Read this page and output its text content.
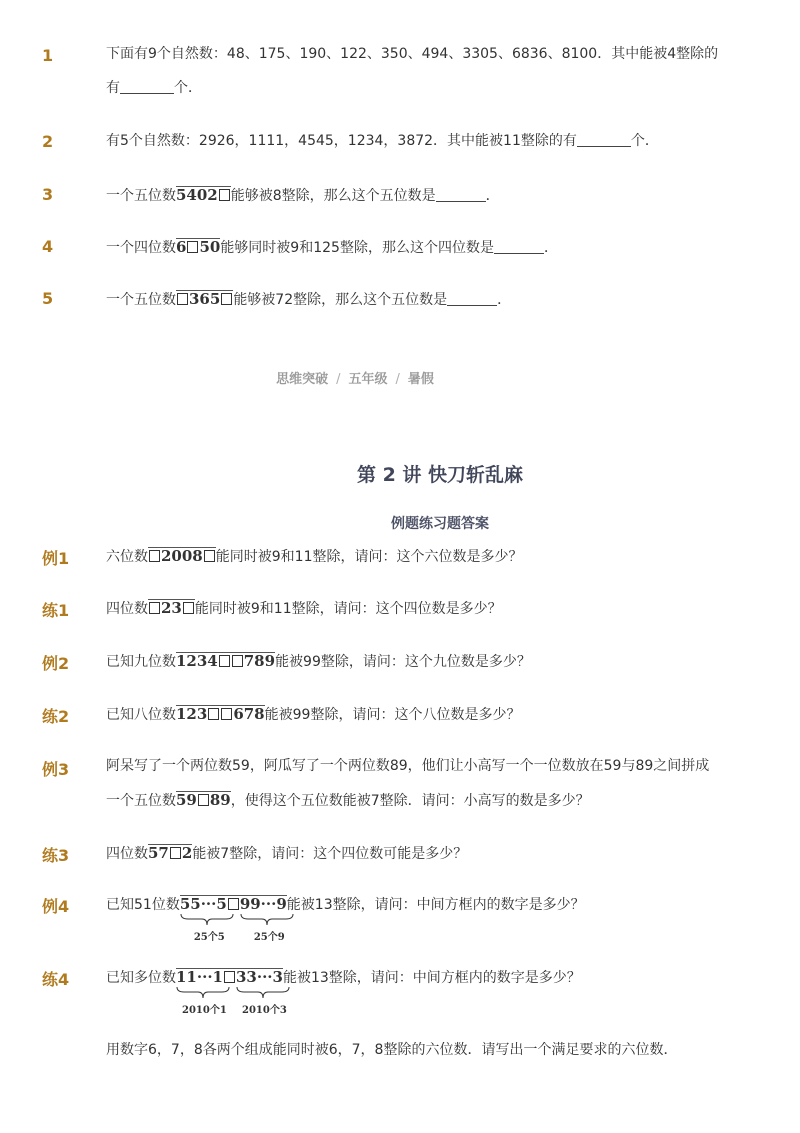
1	下面有9个自然数：48、175、190、122、350、494、3305、6836、8100．其中能被4整除的
有	个．
2	有5个自然数：2926，1111，4545，1234，3872．其中能被11整除的有	个．
3	一个五位数5402 能够被8整除，那么这个五位数是	．
4	一个四位数6 50能够同时被9和125整除，那么这个四位数是	．
5	一个五位数 365 能够被72整除，那么这个五位数是	．
思维突破 / 五年级 / 暑假
第 2 讲 快刀斩乱麻
例题练习题答案
例1	六位数 2008 能同时被9和11整除，请问：这个六位数是多少？
练1	四位数 23 能同时被9和11整除，请问：这个四位数是多少？
例2	已知九位数1234 789能被99整除，请问：这个九位数是多少？
练2	已知八位数123 678能被99整除，请问：这个八位数是多少？
例3	阿呆写了一个两位数59，阿瓜写了一个两位数89，他们让小高写一个一位数放在59与89之间拼成
一个五位数59 89，使得这个五位数能被7整除．请问：小高写的数是多少？
练3	四位数57 2能被7整除，请问：这个四位数可能是多少？
例4	已知51位数55···5
25个5
99···9
25个9
能被13整除，请问：中间方框内的数字是多少？
练4	已知多位数11···1
2010个1
33···3
2010个3
能被13整除，请问：中间方框内的数字是多少？
用数字6，7，8各两个组成能同时被6，7，8整除的六位数．请写出一个满足要求的六位数．
